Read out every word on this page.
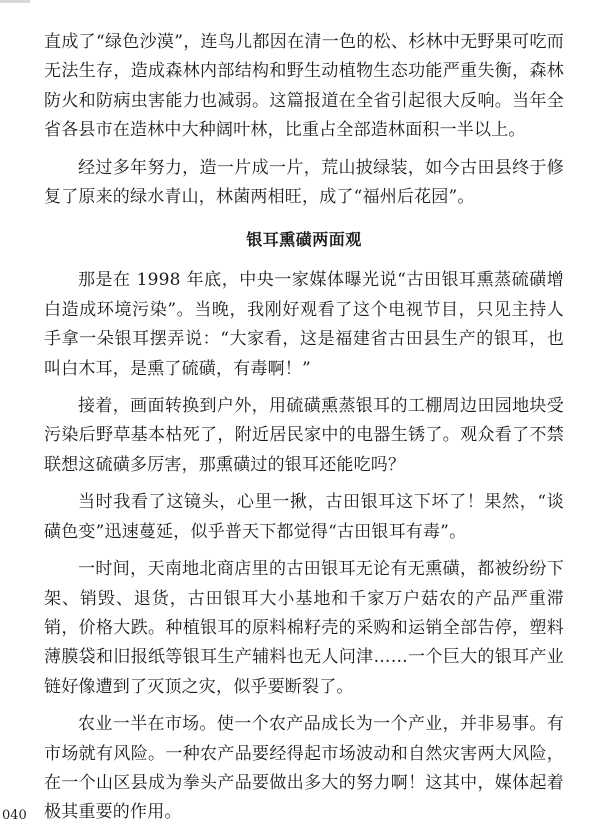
直成了“绿色沙漠”，连鸟儿都因在清一色的松、杉林中无野果可吃而无法生存，造成森林内部结构和野生动植物生态功能严重失衡，森林防火和防病虫害能力也减弱。这篇报道在全省引起很大反响。当年全省各县市在造林中大种阔叶林，比重占全部造林面积一半以上。

经过多年努力，造一片成一片，荒山披绿装，如今古田县终于修复了原来的绿水青山，林菌两相旺，成了“福州后花园”。

银耳熏磺两面观

那是在 1998 年底，中央一家媒体曝光说“古田银耳熏蒸硫磺增白造成环境污染”。当晚，我刚好观看了这个电视节目，只见主持人手拿一朵银耳摆弄说：“大家看，这是福建省古田县生产的银耳，也叫白木耳，是熏了硫磺，有毒啊！”

接着，画面转换到户外，用硫磺熏蒸银耳的工棚周边田园地块受污染后野草基本枯死了，附近居民家中的电器生锈了。观众看了不禁联想这硫磺多厉害，那熏磺过的银耳还能吃吗？

当时我看了这镜头，心里一揪，古田银耳这下坏了！果然，“谈磺色变”迅速蔓延，似乎普天下都觉得“古田银耳有毒”。

一时间，天南地北商店里的古田银耳无论有无熏磺，都被纷纷下架、销毁、退货，古田银耳大小基地和千家万户菇农的产品严重滞销，价格大跌。种植银耳的原料棉籽壳的采购和运销全部告停，塑料薄膜袋和旧报纸等银耳生产辅料也无人问津……一个巨大的银耳产业链好像遭到了灭顶之灾，似乎要断裂了。

农业一半在市场。使一个农产品成长为一个产业，并非易事。有市场就有风险。一种农产品要经得起市场波动和自然灾害两大风险，在一个山区县成为拳头产品要做出多大的努力啊！这其中，媒体起着极其重要的作用。

040
